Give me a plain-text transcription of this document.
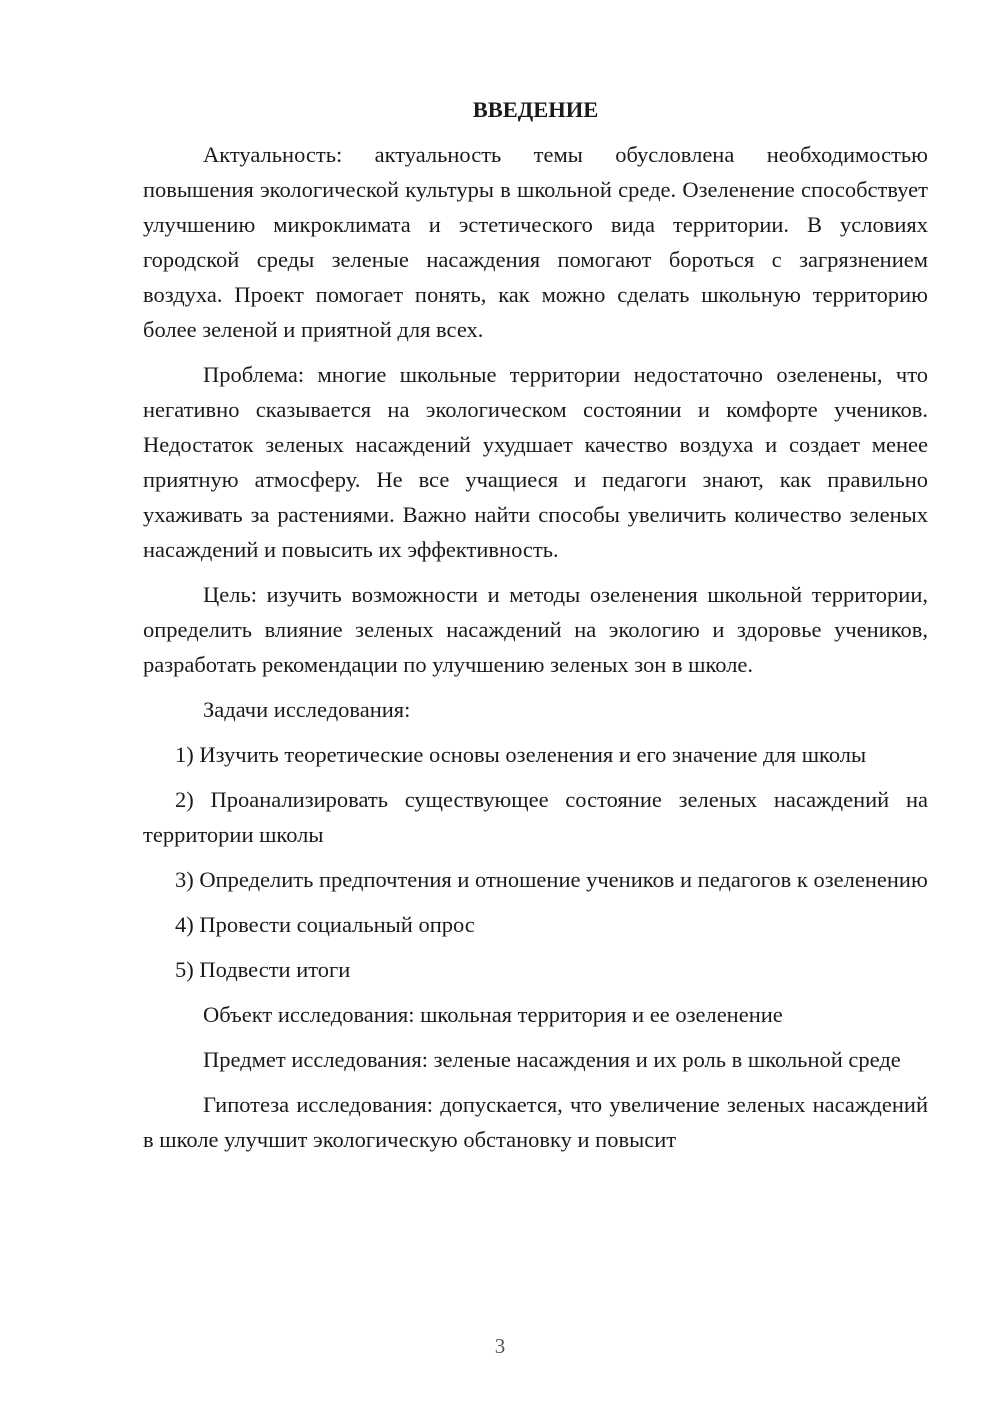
ВВЕДЕНИЕ
Актуальность: актуальность темы обусловлена необходимостью повышения экологической культуры в школьной среде. Озеленение способствует улучшению микроклимата и эстетического вида территории. В условиях городской среды зеленые насаждения помогают бороться с загрязнением воздуха. Проект помогает понять, как можно сделать школьную территорию более зеленой и приятной для всех.
Проблема: многие школьные территории недостаточно озеленены, что негативно сказывается на экологическом состоянии и комфорте учеников. Недостаток зеленых насаждений ухудшает качество воздуха и создает менее приятную атмосферу. Не все учащиеся и педагоги знают, как правильно ухаживать за растениями. Важно найти способы увеличить количество зеленых насаждений и повысить их эффективность.
Цель: изучить возможности и методы озеленения школьной территории, определить влияние зеленых насаждений на экологию и здоровье учеников, разработать рекомендации по улучшению зеленых зон в школе.
Задачи исследования:
1) Изучить теоретические основы озеленения и его значение для школы
2) Проанализировать существующее состояние зеленых насаждений на территории школы
3) Определить предпочтения и отношение учеников и педагогов к озеленению
4) Провести социальный опрос
5) Подвести итоги
Объект исследования: школьная территория и ее озеленение
Предмет исследования: зеленые насаждения и их роль в школьной среде
Гипотеза исследования: допускается, что увеличение зеленых насаждений в школе улучшит экологическую обстановку и повысит
3
